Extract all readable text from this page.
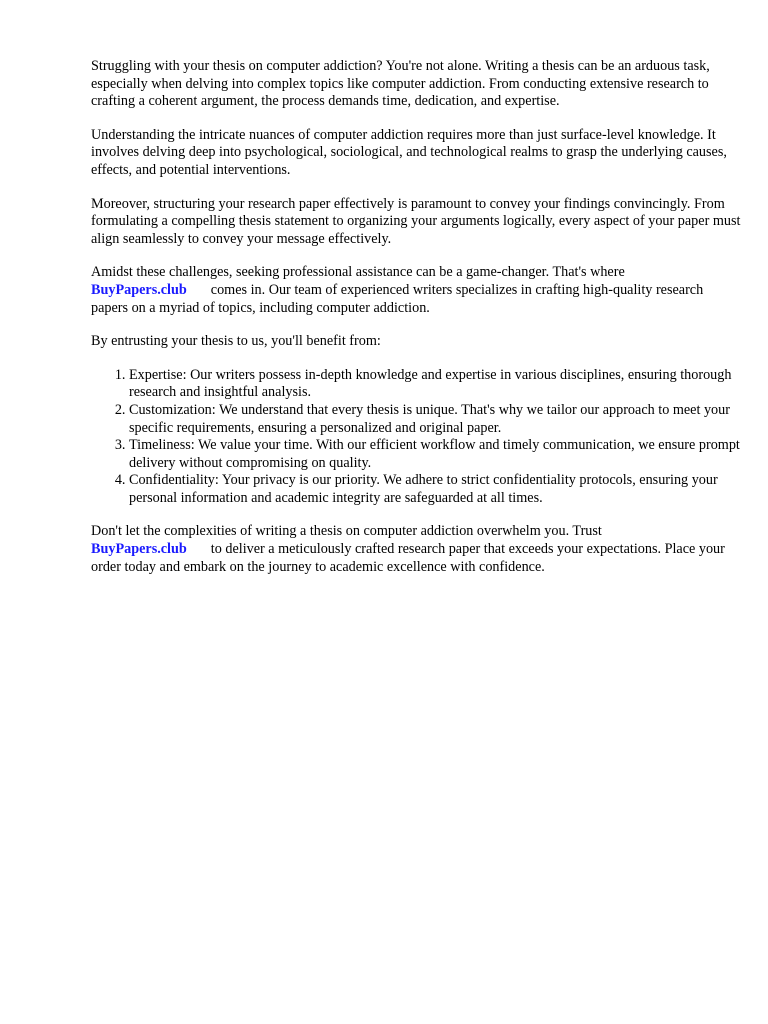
Struggling with your thesis on computer addiction? You're not alone. Writing a thesis can be an arduous task, especially when delving into complex topics like computer addiction. From conducting extensive research to crafting a coherent argument, the process demands time, dedication, and expertise.

Understanding the intricate nuances of computer addiction requires more than just surface-level knowledge. It involves delving deep into psychological, sociological, and technological realms to grasp the underlying causes, effects, and potential interventions.

Moreover, structuring your research paper effectively is paramount to convey your findings convincingly. From formulating a compelling thesis statement to organizing your arguments logically, every aspect of your paper must align seamlessly to convey your message effectively.

Amidst these challenges, seeking professional assistance can be a game-changer. That's where
BuyPapers.club comes in. Our team of experienced writers specializes in crafting high-quality research papers on a myriad of topics, including computer addiction.

By entrusting your thesis to us, you'll benefit from:

1. Expertise: Our writers possess in-depth knowledge and expertise in various disciplines, ensuring thorough research and insightful analysis.
2. Customization: We understand that every thesis is unique. That's why we tailor our approach to meet your specific requirements, ensuring a personalized and original paper.
3. Timeliness: We value your time. With our efficient workflow and timely communication, we ensure prompt delivery without compromising on quality.
4. Confidentiality: Your privacy is our priority. We adhere to strict confidentiality protocols, ensuring your personal information and academic integrity are safeguarded at all times.

Don't let the complexities of writing a thesis on computer addiction overwhelm you. Trust
BuyPapers.club to deliver a meticulously crafted research paper that exceeds your expectations. Place your order today and embark on the journey to academic excellence with confidence.
